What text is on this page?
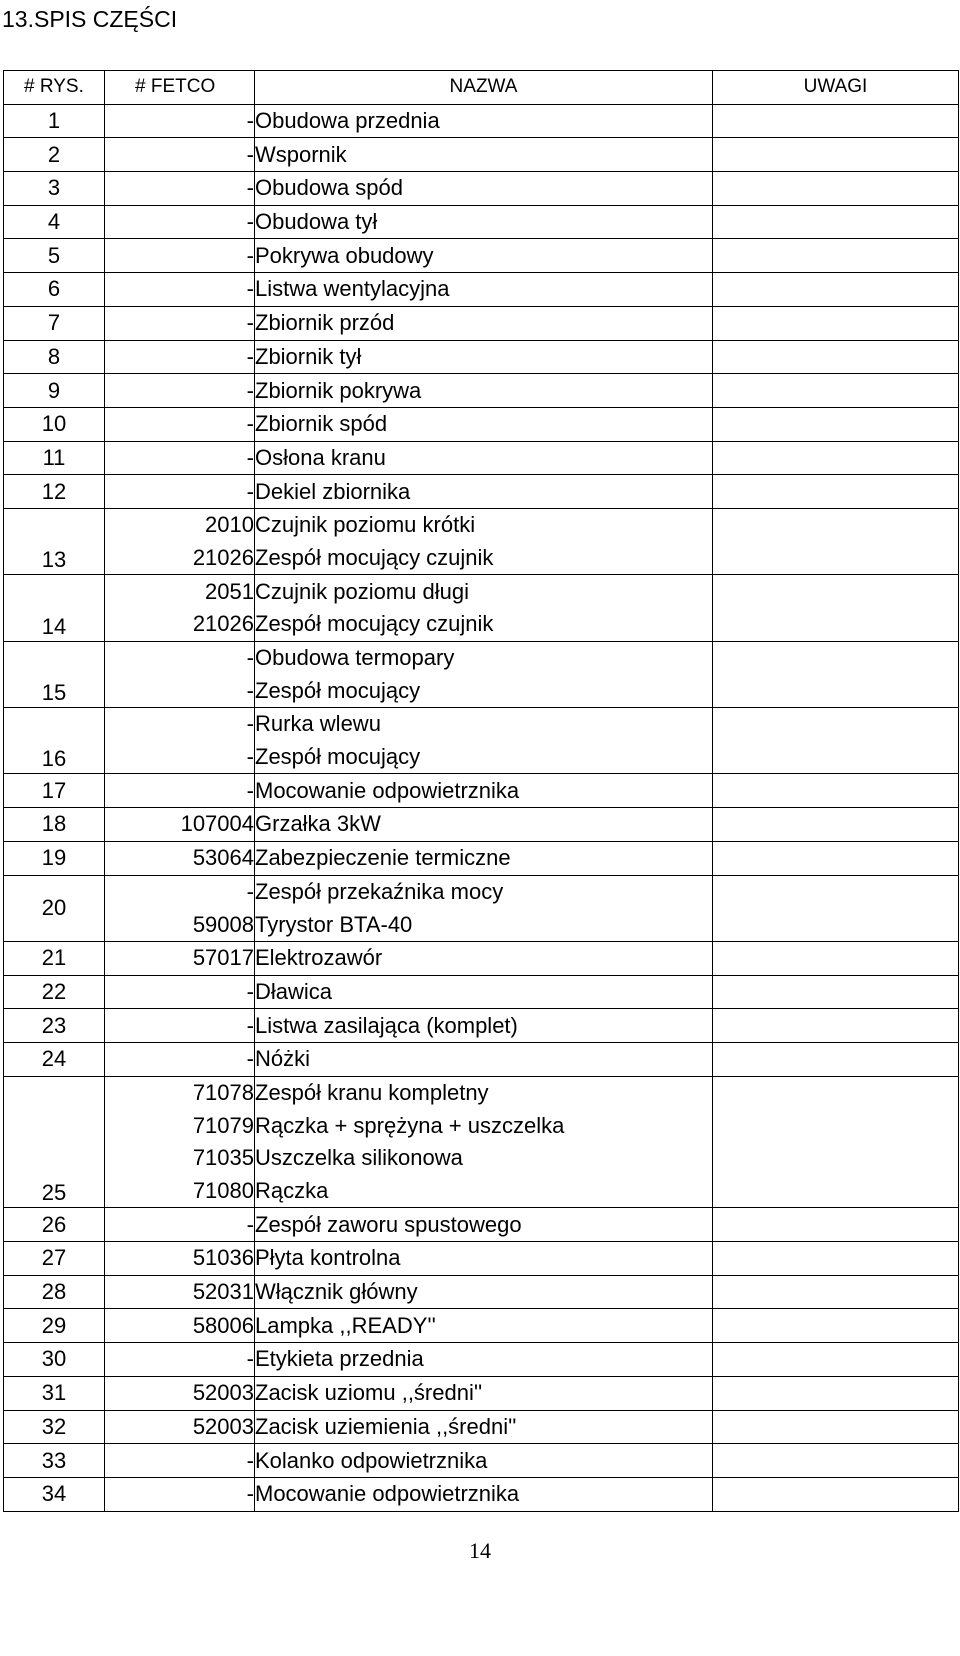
13.SPIS CZĘŚCI
# RYS.	# FETCO	NAZWA	UWAGI
1	-	Obudowa przednia	
2	-	Wspornik	
3	-	Obudowa spód	
4	-	Obudowa tył	
5	-	Pokrywa obudowy	
6	-	Listwa wentylacyjna	
7	-	Zbiornik przód	
8	-	Zbiornik tył	
9	-	Zbiornik pokrywa	
10	-	Zbiornik spód	
11	-	Osłona kranu	
12	-	Dekiel zbiornika	
13	2010	Czujnik poziomu krótki	
	21026	Zespół mocujący czujnik	
14	2051	Czujnik poziomu długi	
	21026	Zespół mocujący czujnik	
15	-	Obudowa termopary	
	-	Zespół mocujący	
16	-	Rurka wlewu	
	-	Zespół mocujący	
17	-	Mocowanie odpowietrznika	
18	107004	Grzałka 3kW	
19	53064	Zabezpieczenie termiczne	
20	-	Zespół przekaźnika mocy	
	59008	Tyrystor BTA-40	
21	57017	Elektrozawór	
22	-	Dławica	
23	-	Listwa zasilająca (komplet)	
24	-	Nóżki	
25	71078	Zespół kranu kompletny	
	71079	Rączka + sprężyna + uszczelka	
	71035	Uszczelka silikonowa	
	71080	Rączka	
26	-	Zespół zaworu spustowego	
27	51036	Płyta kontrolna	
28	52031	Włącznik główny	
29	58006	Lampka ,,READY''	
30	-	Etykieta przednia	
31	52003	Zacisk uziomu ,,średni''	
32	52003	Zacisk uziemienia ,,średni''	
33	-	Kolanko odpowietrznika	
34	-	Mocowanie odpowietrznika	
14
